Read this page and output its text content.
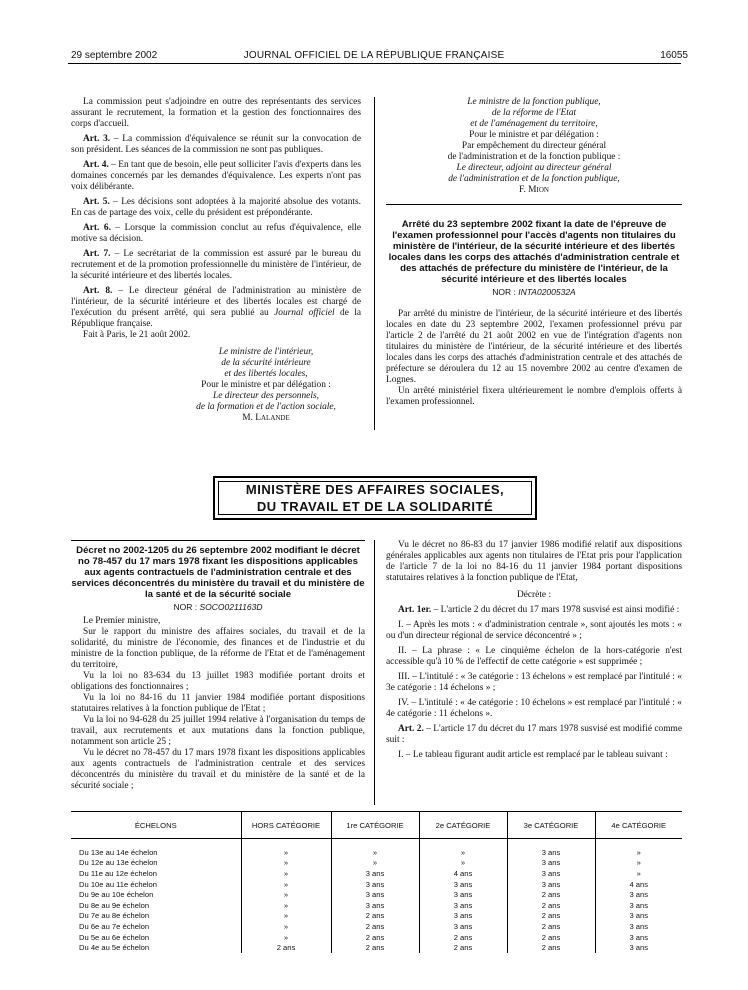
29 septembre 2002	JOURNAL OFFICIEL DE LA RÉPUBLIQUE FRANÇAISE	16055

La commission peut s'adjoindre en outre des représentants des services assurant le recrutement, la formation et la gestion des fonctionnaires des corps d'accueil.

Art. 3. – La commission d'équivalence se réunit sur la convocation de son président. Les séances de la commission ne sont pas publiques.

Art. 4. – En tant que de besoin, elle peut solliciter l'avis d'experts dans les domaines concernés par les demandes d'équivalence. Les experts n'ont pas voix délibérante.

Art. 5. – Les décisions sont adoptées à la majorité absolue des votants. En cas de partage des voix, celle du président est prépondérante.

Art. 6. – Lorsque la commission conclut au refus d'équivalence, elle motive sa décision.

Art. 7. – Le secrétariat de la commission est assuré par le bureau du recrutement et de la promotion professionnelle du ministère de l'intérieur, de la sécurité intérieure et des libertés locales.

Art. 8. – Le directeur général de l'administration au ministère de l'intérieur, de la sécurité intérieure et des libertés locales est chargé de l'exécution du présent arrêté, qui sera publié au Journal officiel de la République française.

Fait à Paris, le 21 août 2002.

Le ministre de l'intérieur,

de la sécurité intérieure

et des libertés locales,

Pour le ministre et par délégation :

Le directeur des personnels,

de la formation et de l'action sociale,

M. Lalande

Le ministre de la fonction publique,

de la réforme de l'Etat

et de l'aménagement du territoire,

Pour le ministre et par délégation :

Par empêchement du directeur général

de l'administration et de la fonction publique :

Le directeur, adjoint au directeur général

de l'administration et de la fonction publique,

F. Mion

Arrêté du 23 septembre 2002 fixant la date de l'épreuve de l'examen professionnel pour l'accès d'agents non titulaires du ministère de l'intérieur, de la sécurité intérieure et des libertés locales dans les corps des attachés d'administration centrale et des attachés de préfecture du ministère de l'intérieur, de la sécurité intérieure et des libertés locales
NOR : INTA0200532A

Par arrêté du ministre de l'intérieur, de la sécurité intérieure et des libertés locales en date du 23 septembre 2002, l'examen professionnel prévu par l'article 2 de l'arrêté du 21 août 2002 en vue de l'intégration d'agents non titulaires du ministère de l'intérieur, de la sécurité intérieure et des libertés locales dans les corps des attachés d'administration centrale et des attachés de préfecture se déroulera du 12 au 15 novembre 2002 au centre d'examen de Lognes.

Un arrêté ministériel fixera ultérieurement le nombre d'emplois offerts à l'examen professionnel.

MINISTÈRE DES AFFAIRES SOCIALES,
DU TRAVAIL ET DE LA SOLIDARITÉ
Décret no 2002-1205 du 26 septembre 2002 modifiant le décret no 78-457 du 17 mars 1978 fixant les dispositions applicables aux agents contractuels de l'administration centrale et des services déconcentrés du ministère du travail et du ministère de la santé et de la sécurité sociale
NOR : SOCO0211163D

Le Premier ministre,

Sur le rapport du ministre des affaires sociales, du travail et de la solidarité, du ministre de l'économie, des finances et de l'industrie et du ministre de la fonction publique, de la réforme de l'Etat et de l'aménagement du territoire,

Vu la loi no 83-634 du 13 juillet 1983 modifiée portant droits et obligations des fonctionnaires ;

Vu la loi no 84-16 du 11 janvier 1984 modifiée portant dispositions statutaires relatives à la fonction publique de l'Etat ;

Vu la loi no 94-628 du 25 juillet 1994 relative à l'organisation du temps de travail, aux recrutements et aux mutations dans la fonction publique, notamment son article 25 ;

Vu le décret no 78-457 du 17 mars 1978 fixant les dispositions applicables aux agents contractuels de l'administration centrale et des services déconcentrés du ministère du travail et du ministère de la santé et de la sécurité sociale ;

Vu le décret no 86-83 du 17 janvier 1986 modifié relatif aux dispositions générales applicables aux agents non titulaires de l'Etat pris pour l'application de l'article 7 de la loi no 84-16 du 11 janvier 1984 portant dispositions statutaires relatives à la fonction publique de l'Etat,

Décrète :

Art. 1er. – L'article 2 du décret du 17 mars 1978 susvisé est ainsi modifié :

I. – Après les mots : « d'administration centrale », sont ajoutés les mots : « ou d'un directeur régional de service déconcentré » ;

II. – La phrase : « Le cinquième échelon de la hors-catégorie n'est accessible qu'à 10 % de l'effectif de cette catégorie » est supprimée ;

III. – L'intitulé : « 3e catégorie : 13 échelons » est remplacé par l'intitulé : « 3e catégorie : 14 échelons » ;

IV. – L'intitulé : « 4e catégorie : 10 échelons » est remplacé par l'intitulé : « 4e catégorie : 11 échelons ».

Art. 2. – L'article 17 du décret du 17 mars 1978 susvisé est modifié comme suit :

I. – Le tableau figurant audit article est remplacé par le tableau suivant :

ÉCHELONS	HORS CATÉGORIE	1re CATÉGORIE	2e CATÉGORIE	3e CATÉGORIE	4e CATÉGORIE
Du 13e au 14e échelon	»	»	»	3 ans	»
Du 12e au 13e échelon	»	»	»	3 ans	»
Du 11e au 12e échelon	»	3 ans	4 ans	3 ans	»
Du 10e au 11e échelon	»	3 ans	3 ans	3 ans	4 ans
Du 9e au 10e échelon	»	3 ans	3 ans	2 ans	3 ans
Du 8e au 9e échelon	»	3 ans	3 ans	2 ans	3 ans
Du 7e au 8e échelon	»	2 ans	3 ans	2 ans	3 ans
Du 6e au 7e échelon	»	2 ans	3 ans	2 ans	3 ans
Du 5e au 6e échelon	»	2 ans	2 ans	2 ans	3 ans
Du 4e au 5e échelon	2 ans	2 ans	2 ans	2 ans	3 ans
